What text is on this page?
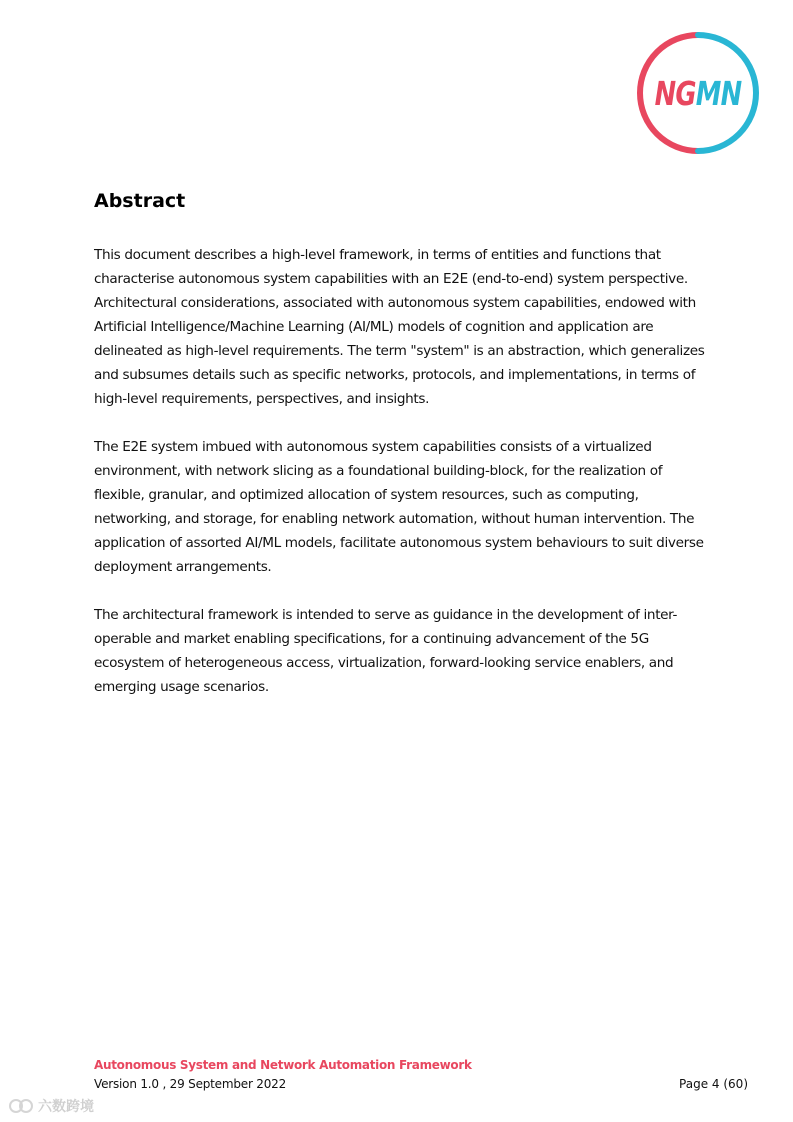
NG MN
Abstract

This document describes a high-level framework, in terms of entities and functions that characterise autonomous system capabilities with an E2E (end-to-end) system perspective. Architectural considerations, associated with autonomous system capabilities, endowed with Artificial Intelligence/Machine Learning (AI/ML) models of cognition and application are delineated as high-level requirements. The term "system" is an abstraction, which generalizes and subsumes details such as specific networks, protocols, and implementations, in terms of high-level requirements, perspectives, and insights.

The E2E system imbued with autonomous system capabilities consists of a virtualized environment, with network slicing as a foundational building-block, for the realization of flexible, granular, and optimized allocation of system resources, such as computing, networking, and storage, for enabling network automation, without human intervention. The application of assorted AI/ML models, facilitate autonomous system behaviours to suit diverse deployment arrangements.

The architectural framework is intended to serve as guidance in the development of inter-operable and market enabling specifications, for a continuing advancement of the 5G ecosystem of heterogeneous access, virtualization, forward-looking service enablers, and emerging usage scenarios.

Autonomous System and Network Automation Framework

Version 1.0 , 29 September 2022	Page 4 (60)

六数跨境
